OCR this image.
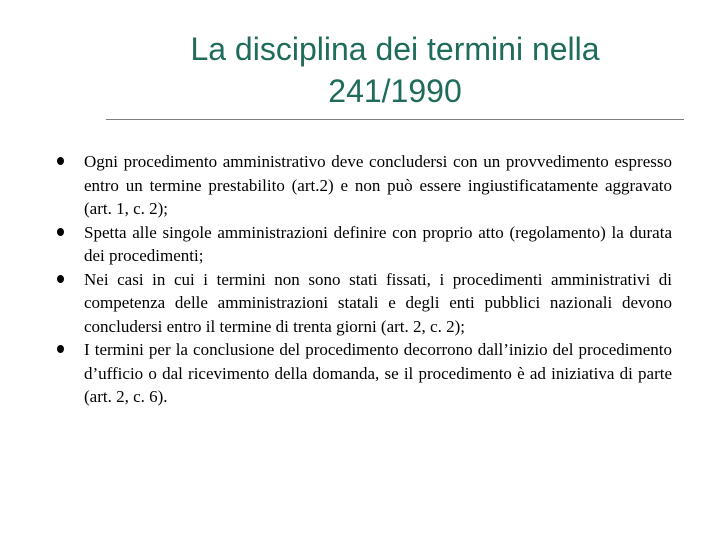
La disciplina dei termini nella 241/1990
Ogni procedimento amministrativo deve concludersi con un provvedimento espresso entro un termine prestabilito (art.2) e non può essere ingiustificatamente aggravato (art. 1, c. 2);
Spetta alle singole amministrazioni definire con proprio atto (regolamento) la durata dei procedimenti;
Nei casi in cui i termini non sono stati fissati, i procedimenti amministrativi di competenza delle amministrazioni statali e degli enti pubblici nazionali devono concludersi entro il termine di trenta giorni (art. 2, c. 2);
I termini per la conclusione del procedimento decorrono dall’inizio del procedimento d’ufficio o dal ricevimento della domanda, se il procedimento è ad iniziativa di parte (art. 2, c. 6).
